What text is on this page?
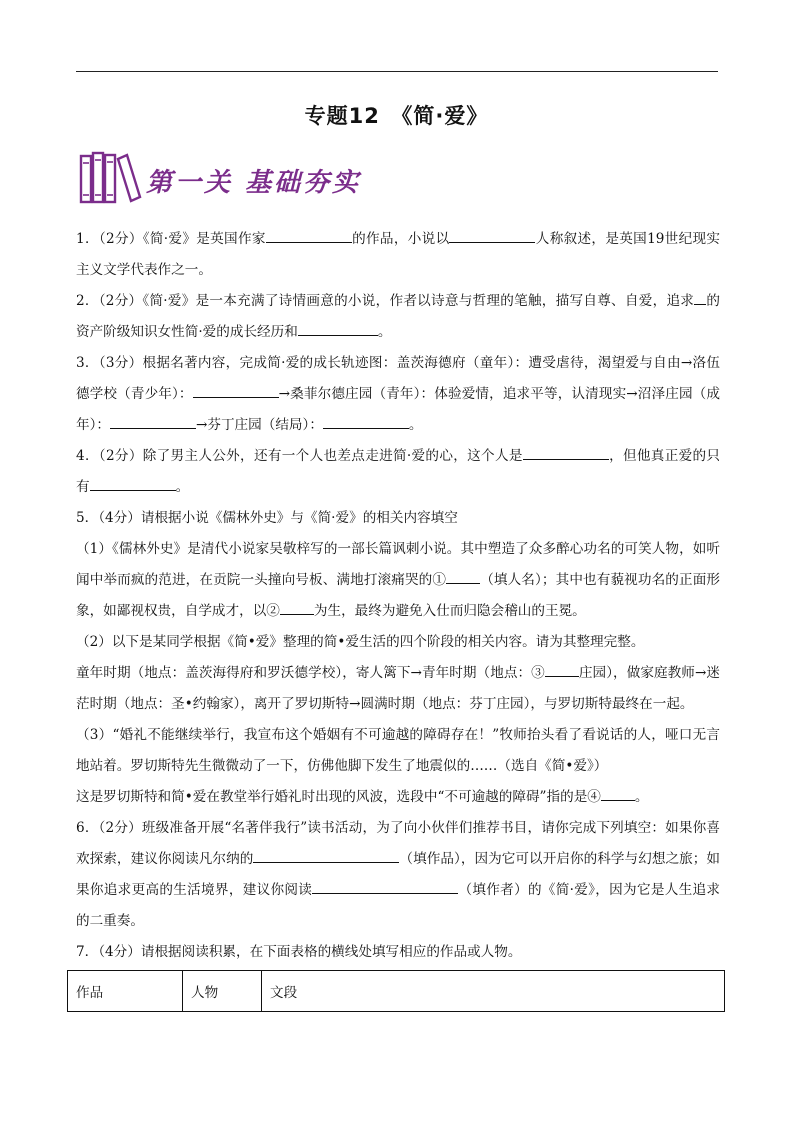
专题12　《简·爱》
第一关 基础夯实

1．（2分）《简·爱》是英国作家	的作品，小说以	人称叙述，是英国19世纪现实主义文学代表作之一。

2．（2分）《简·爱》是一本充满了诗情画意的小说，作者以诗意与哲理的笔触，描写自尊、自爱，追求 的资产阶级知识女性简·爱的成长经历和	。

3．（3分）根据名著内容，完成简·爱的成长轨迹图：盖茨海德府（童年）：遭受虐待，渴望爱与自由→洛伍德学校（青少年）：	→桑菲尔德庄园（青年）：体验爱情，追求平等，认清现实→沼泽庄园（成年）：	→芬丁庄园（结局）：	。

4．（2分）除了男主人公外，还有一个人也差点走进简·爱的心，这个人是	，但他真正爱的只有	。

5．（4分）请根据小说《儒林外史》与《简·爱》的相关内容填空

（1）《儒林外史》是清代小说家吴敬梓写的一部长篇讽刺小说。其中塑造了众多醉心功名的可笑人物，如听闻中举而疯的范进，在贡院一头撞向号板、满地打滚痛哭的①	（填人名）；其中也有藐视功名的正面形象，如鄙视权贵，自学成才，以②	为生，最终为避免入仕而归隐会稽山的王冕。

（2）以下是某同学根据《简•爱》整理的简•爱生活的四个阶段的相关内容。请为其整理完整。

童年时期（地点：盖茨海得府和罗沃德学校），寄人篱下→青年时期（地点：③	庄园），做家庭教师→迷茫时期（地点：圣•约翰家），离开了罗切斯特→圆满时期（地点：芬丁庄园），与罗切斯特最终在一起。

（3）“婚礼不能继续举行，我宣布这个婚姻有不可逾越的障碍存在！”牧师抬头看了看说话的人，哑口无言地站着。罗切斯特先生微微动了一下，仿佛他脚下发生了地震似的……（选自《简•爱》）

这是罗切斯特和简•爱在教堂举行婚礼时出现的风波，选段中“不可逾越的障碍”指的是④	。

6．（2分）班级准备开展“名著伴我行”读书活动，为了向小伙伴们推荐书目，请你完成下列填空：如果你喜欢探索，建议你阅读凡尔纳的	（填作品），因为它可以开启你的科学与幻想之旅；如果你追求更高的生活境界，建议你阅读	（填作者）的《简·爱》，因为它是人生追求的二重奏。

7．（4分）请根据阅读积累，在下面表格的横线处填写相应的作品或人物。

作品	人物	文段
